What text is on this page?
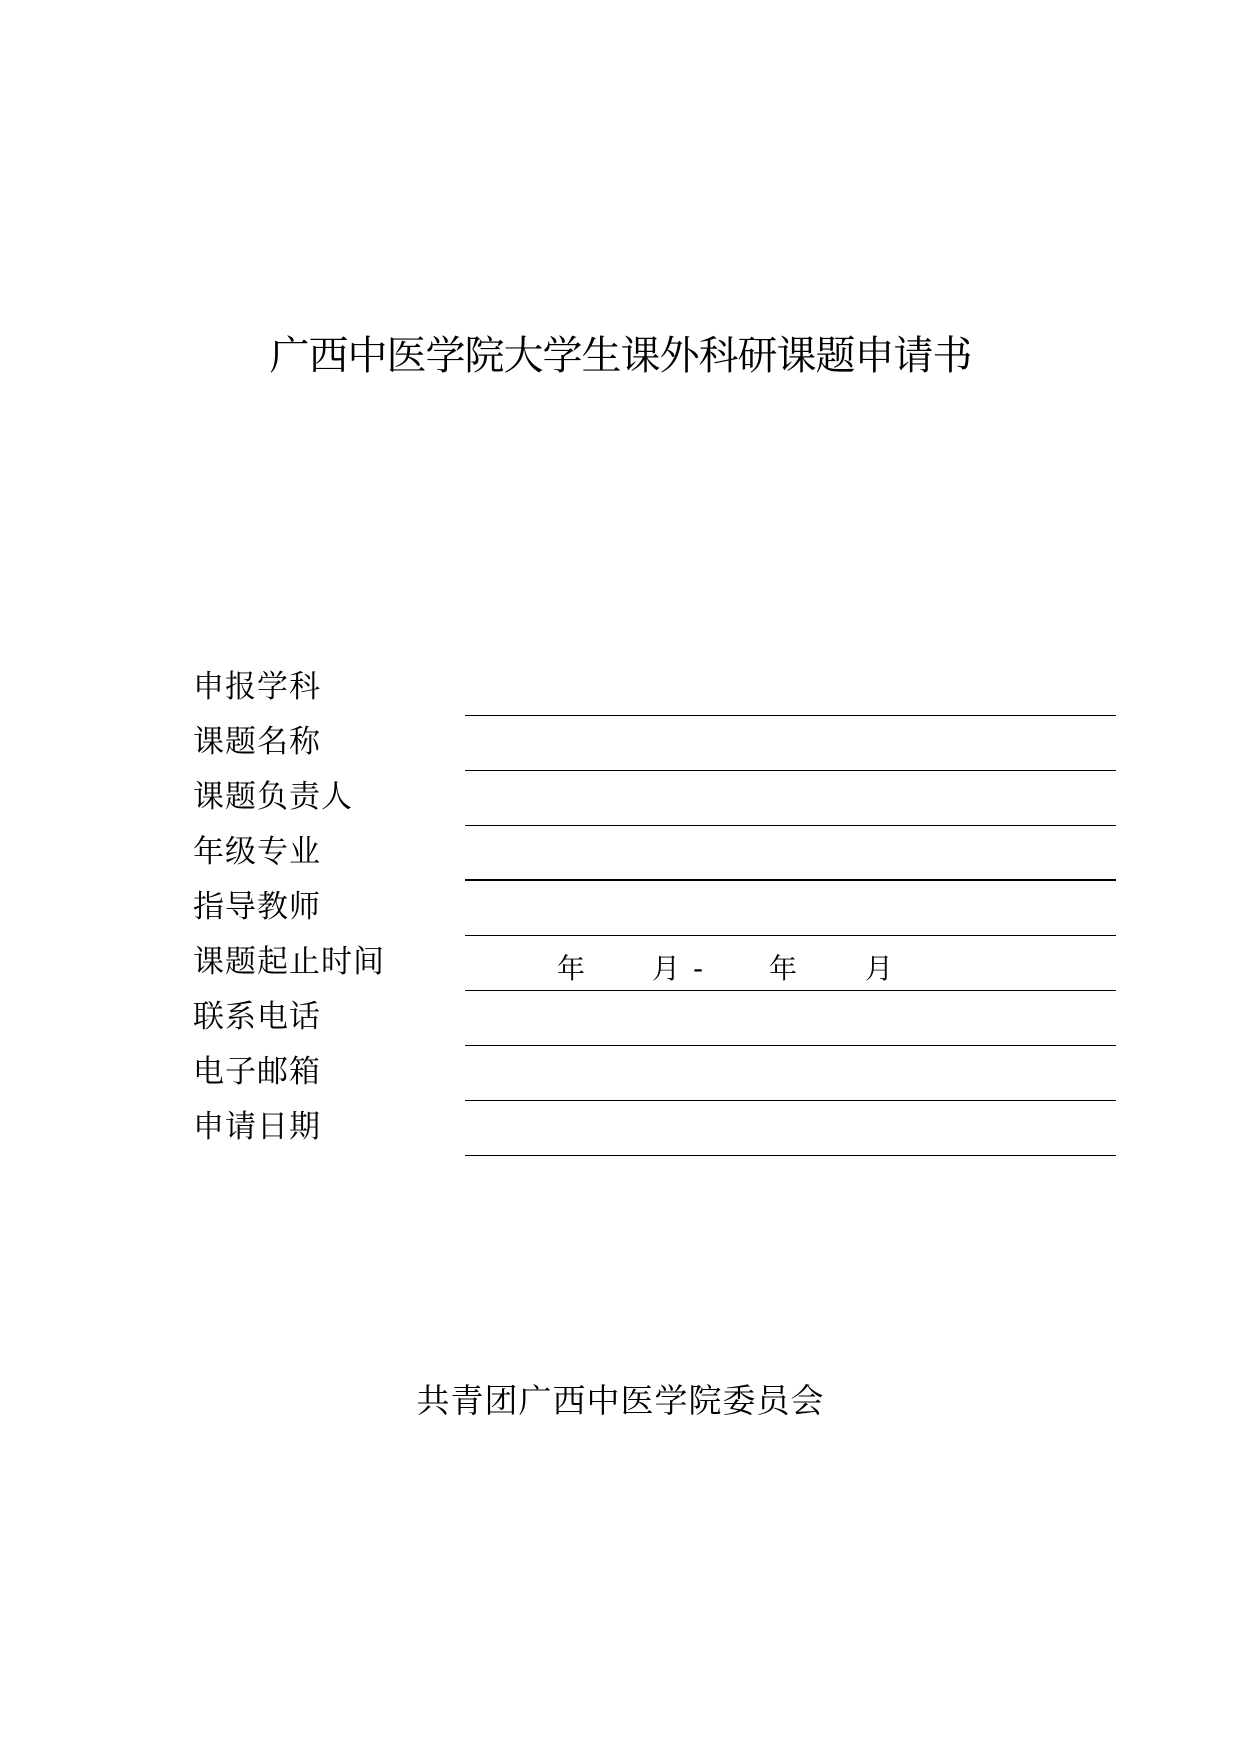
广西中医学院大学生课外科研课题申请书
申报学科
课题名称
课题负责人
年级专业
指导教师
课题起止时间	年 月 - 年 月
联系电话
电子邮箱
申请日期
共青团广西中医学院委员会
